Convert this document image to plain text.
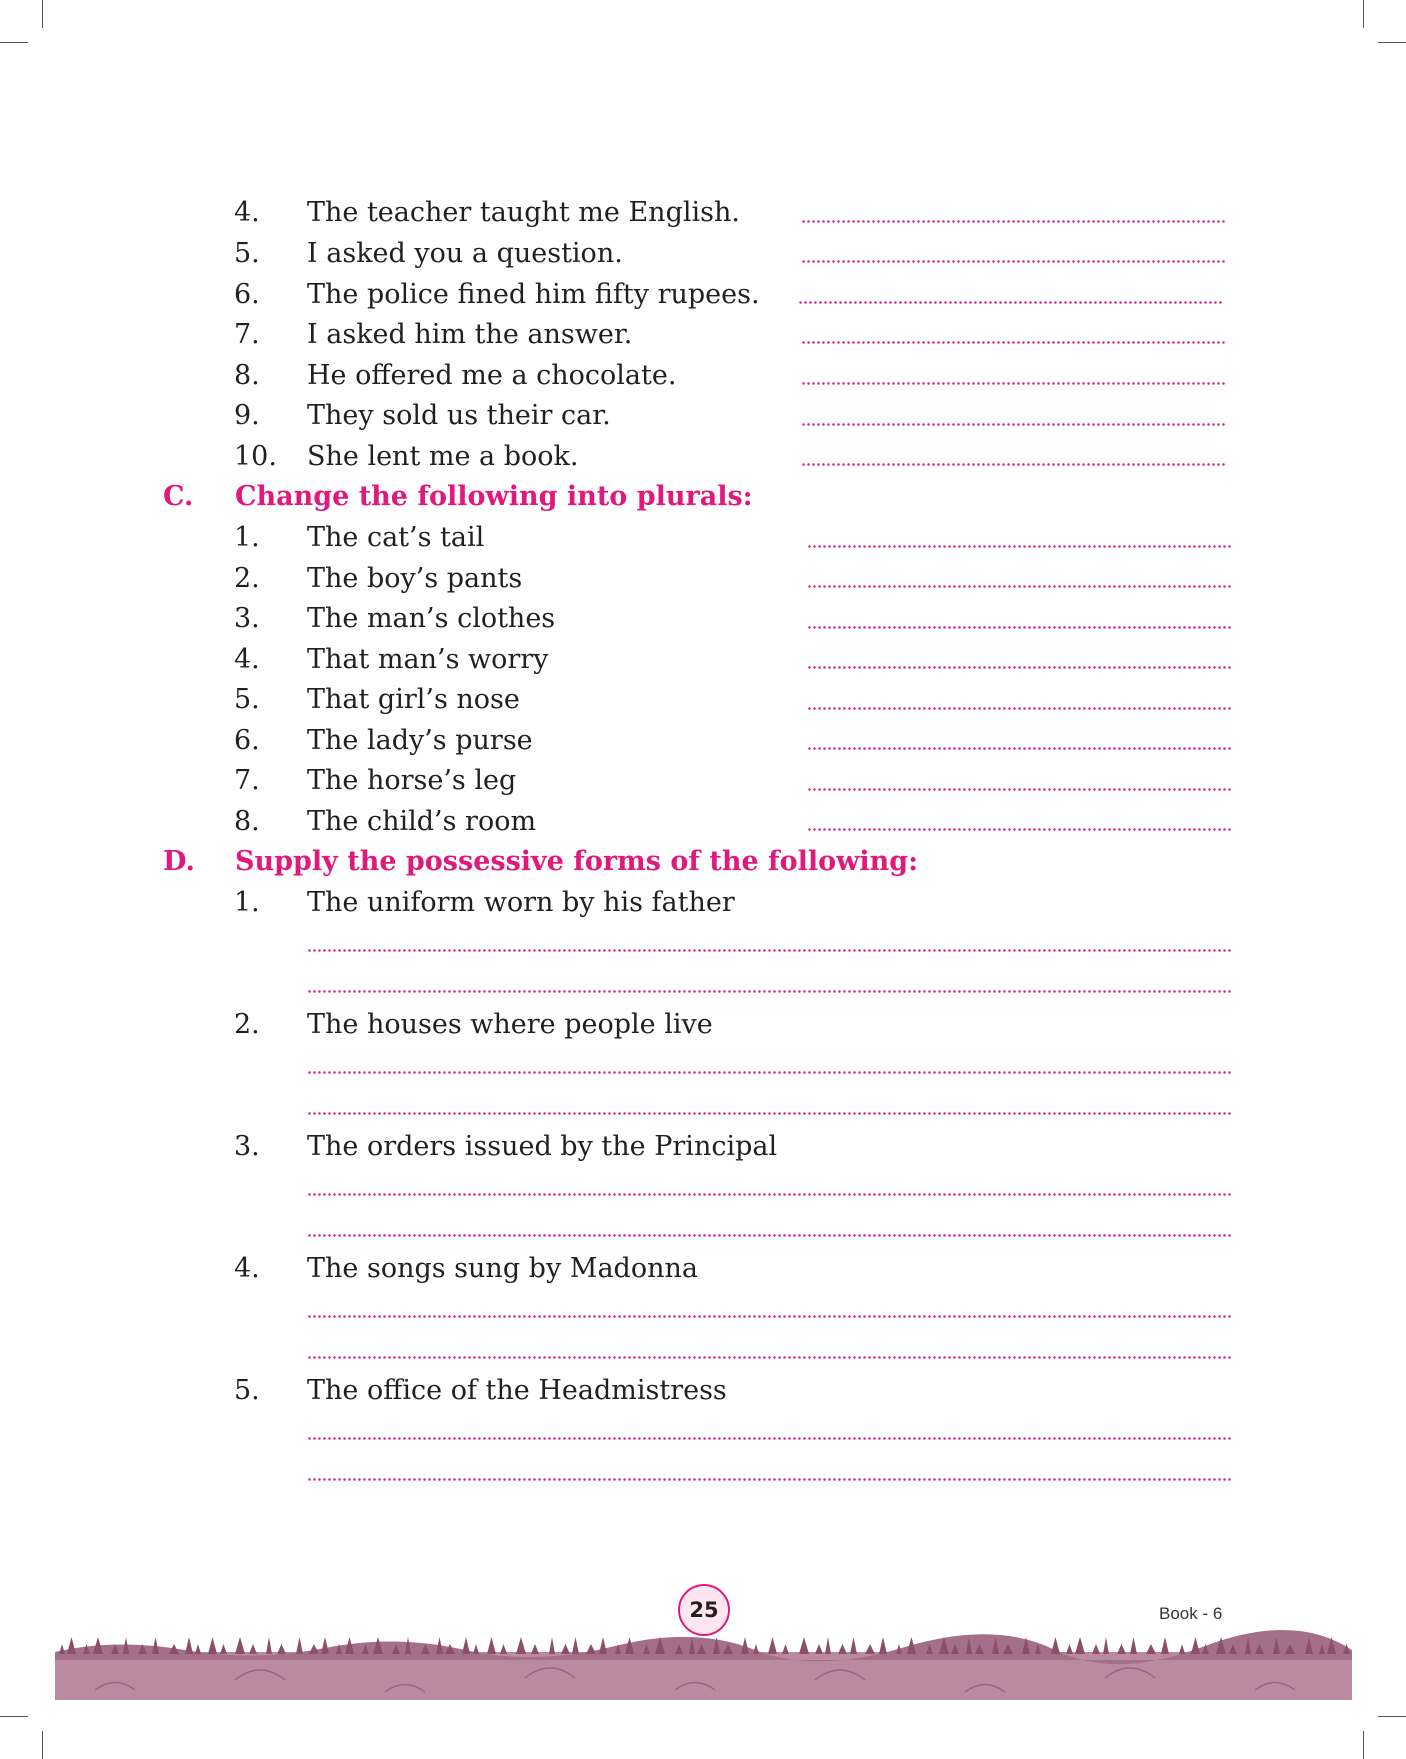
4. The teacher taught me English.
5. I asked you a question.
6. The police fined him fifty rupees.
7. I asked him the answer.
8. He offered me a chocolate.
9. They sold us their car.
10. She lent me a book.
C. Change the following into plurals:
1. The cat’s tail
2. The boy’s pants
3. The man’s clothes
4. That man’s worry
5. That girl’s nose
6. The lady’s purse
7. The horse’s leg
8. The child’s room
D. Supply the possessive forms of the following:
1. The uniform worn by his father
2. The houses where people live
3. The orders issued by the Principal
4. The songs sung by Madonna
5. The office of the Headmistress
25	Book - 6
